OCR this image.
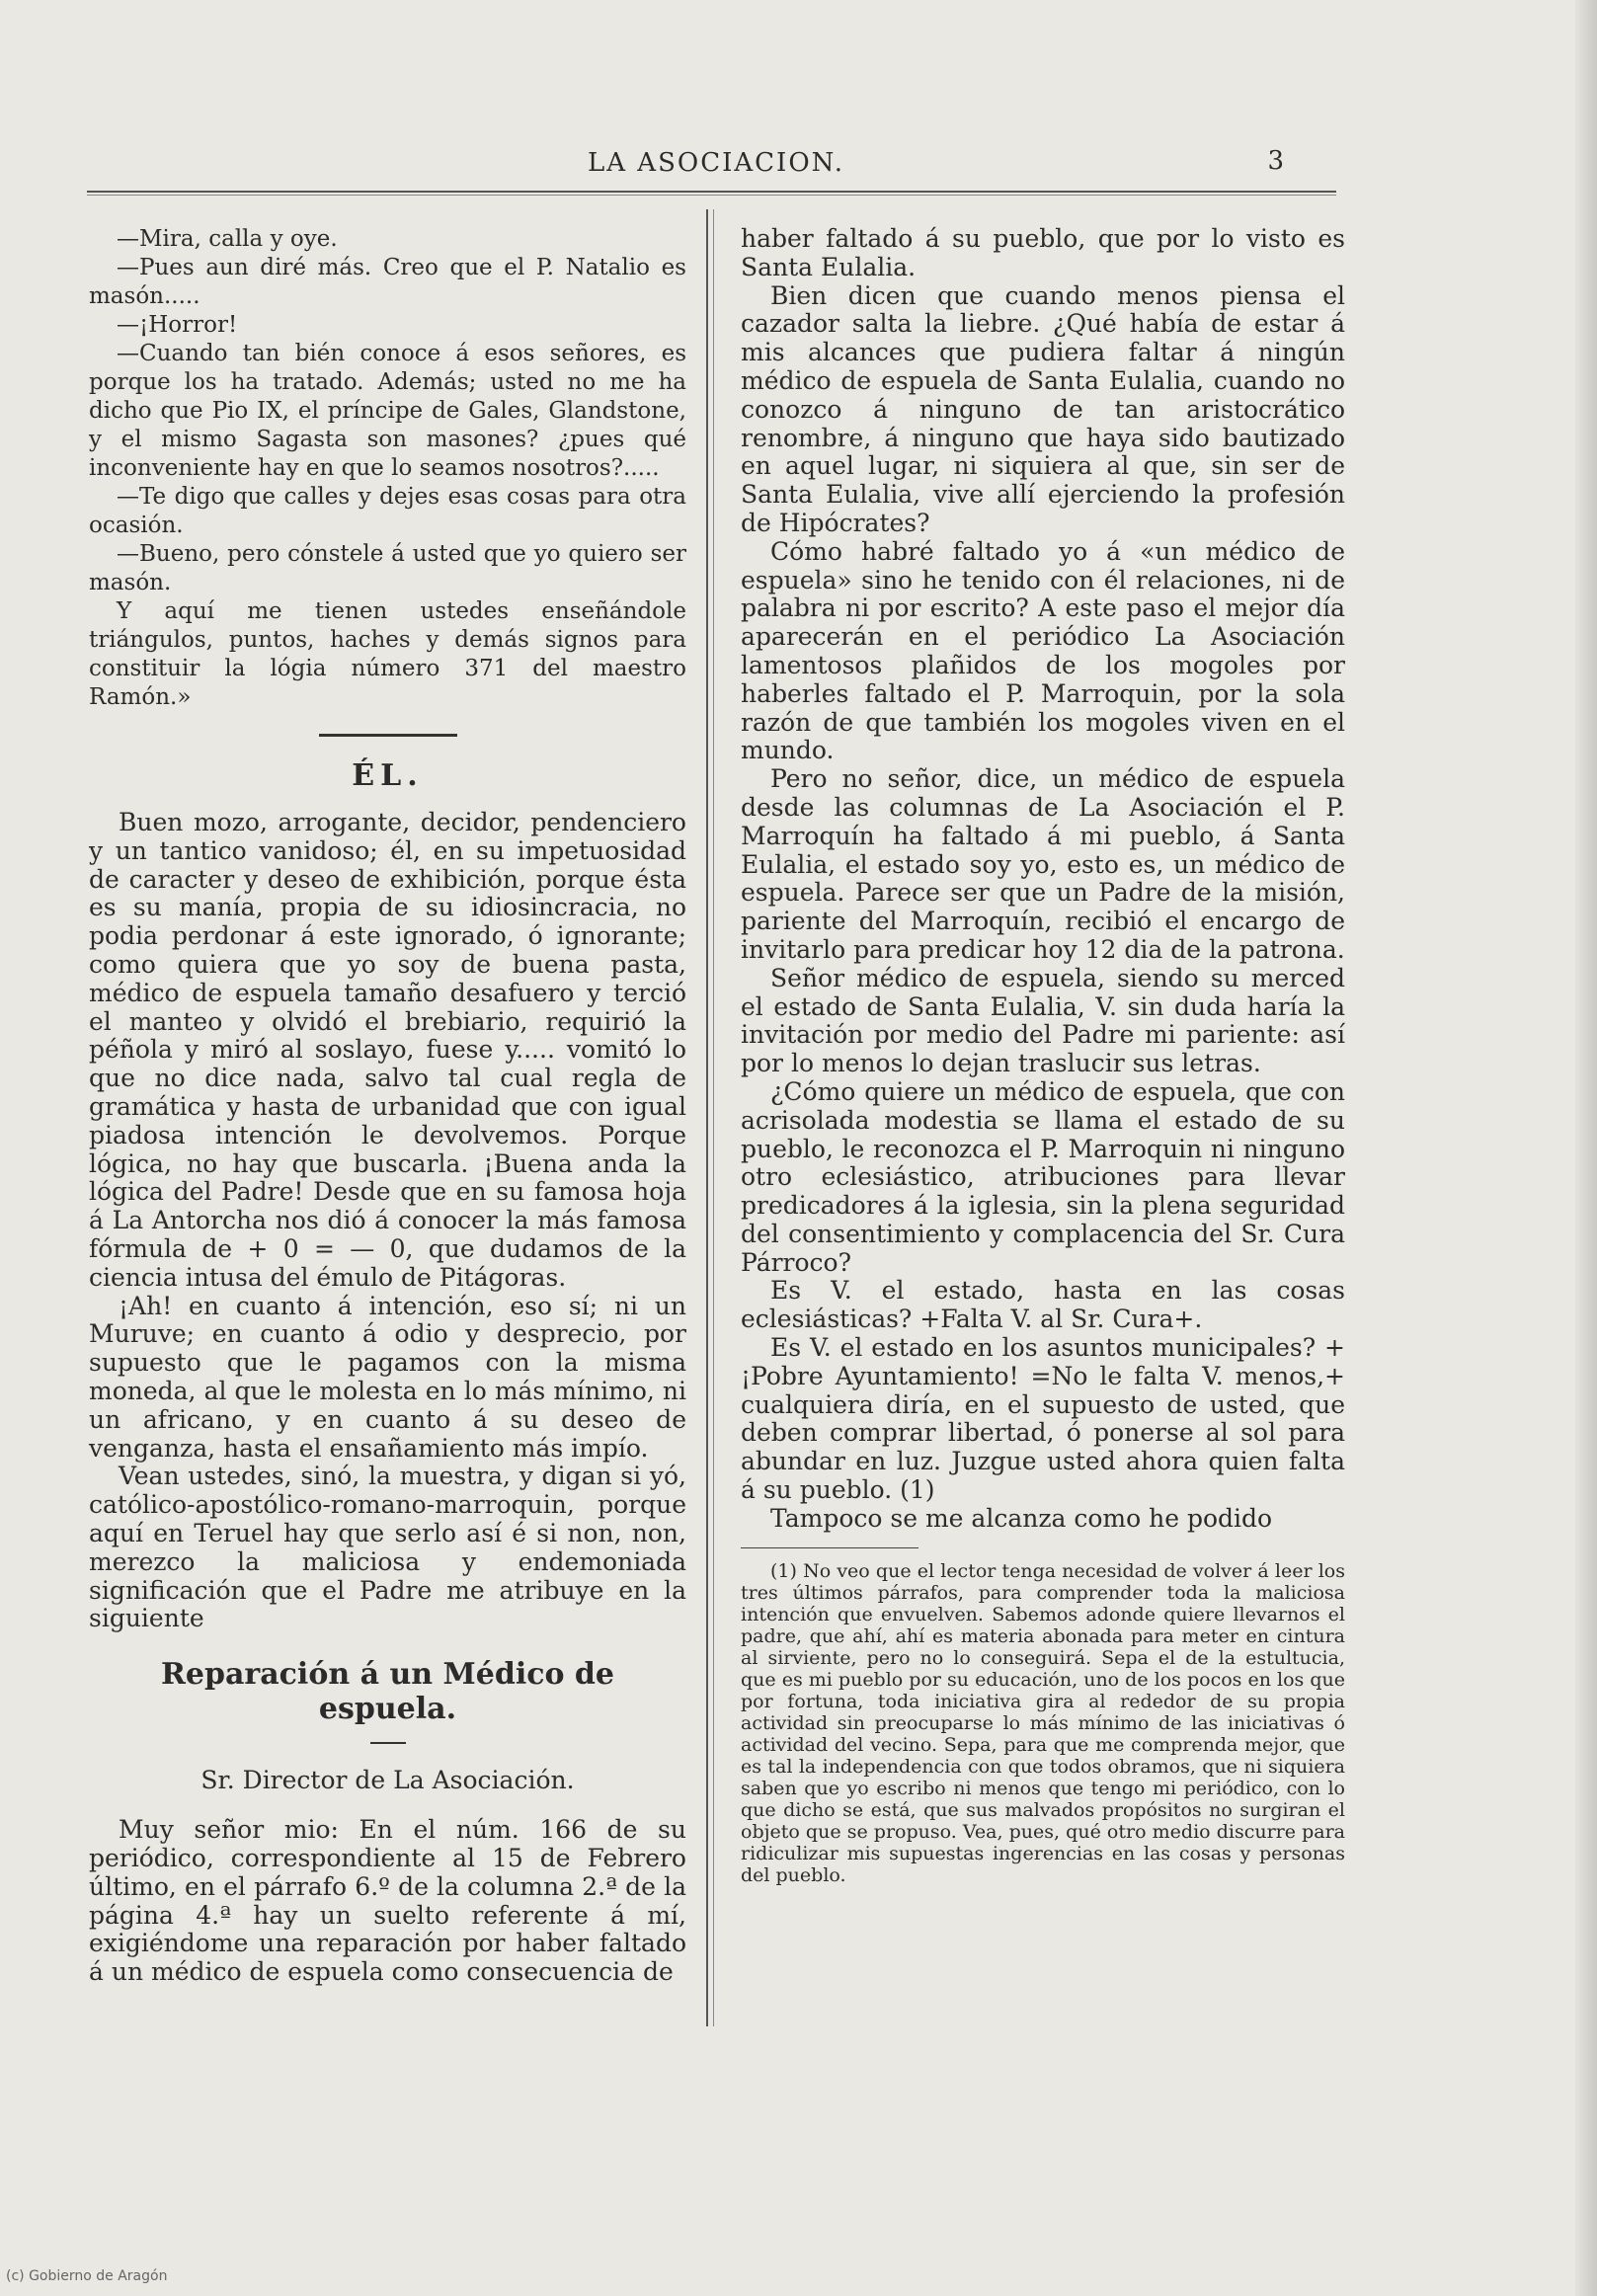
LA ASOCIACION.	3

—Mira, calla y oye.

—Pues aun diré más. Creo que el P. Natalio es masón.....

—¡Horror!

—Cuando tan bién conoce á esos señores, es porque los ha tratado. Además; usted no me ha dicho que Pio IX, el príncipe de Gales, Glandstone, y el mismo Sagasta son masones? ¿pues qué inconveniente hay en que lo seamos nosotros?.....

—Te digo que calles y dejes esas cosas para otra ocasión.

—Bueno, pero cónstele á usted que yo quiero ser masón.

Y aquí me tienen ustedes enseñándole triángulos, puntos, haches y demás signos para constituir la lógia número 371 del maestro Ramón.»

ÉL.

Buen mozo, arrogante, decidor, pendenciero y un tantico vanidoso; él, en su impetuosidad de caracter y deseo de exhibición, porque ésta es su manía, propia de su idiosincracia, no podia perdonar á este ignorado, ó ignorante; como quiera que yo soy de buena pasta, médico de espuela tamaño desafuero y terció el manteo y olvidó el brebiario, requirió la péñola y miró al soslayo, fuese y..... vomitó lo que no dice nada, salvo tal cual regla de gramática y hasta de urbanidad que con igual piadosa intención le devolvemos. Porque lógica, no hay que buscarla. ¡Buena anda la lógica del Padre! Desde que en su famosa hoja á La Antorcha nos dió á conocer la más famosa fórmula de + 0 = — 0, que dudamos de la ciencia intusa del émulo de Pitágoras.

¡Ah! en cuanto á intención, eso sí; ni un Muruve; en cuanto á odio y desprecio, por supuesto que le pagamos con la misma moneda, al que le molesta en lo más mínimo, ni un africano, y en cuanto á su deseo de venganza, hasta el ensañamiento más impío.

Vean ustedes, sinó, la muestra, y digan si yó, católico-apostólico-romano-marroquin, porque aquí en Teruel hay que serlo así é si non, non, merezco la maliciosa y endemoniada significación que el Padre me atribuye en la siguiente

Reparación á un Médico de espuela.
Sr. Director de La Asociación.

Muy señor mio: En el núm. 166 de su periódico, correspondiente al 15 de Febrero último, en el párrafo 6.º de la columna 2.ª de la página 4.ª hay un suelto referente á mí, exigiéndome una reparación por haber faltado á un médico de espuela como consecuencia de

haber faltado á su pueblo, que por lo visto es Santa Eulalia.

Bien dicen que cuando menos piensa el cazador salta la liebre. ¿Qué había de estar á mis alcances que pudiera faltar á ningún médico de espuela de Santa Eulalia, cuando no conozco á ninguno de tan aristocrático renombre, á ninguno que haya sido bautizado en aquel lugar, ni siquiera al que, sin ser de Santa Eulalia, vive allí ejerciendo la profesión de Hipócrates?

Cómo habré faltado yo á «un médico de espuela» sino he tenido con él relaciones, ni de palabra ni por escrito? A este paso el mejor día aparecerán en el periódico La Asociación lamentosos plañidos de los mogoles por haberles faltado el P. Marroquin, por la sola razón de que también los mogoles viven en el mundo.

Pero no señor, dice, un médico de espuela desde las columnas de La Asociación el P. Marroquín ha faltado á mi pueblo, á Santa Eulalia, el estado soy yo, esto es, un médico de espuela. Parece ser que un Padre de la misión, pariente del Marroquín, recibió el encargo de invitarlo para predicar hoy 12 dia de la patrona.

Señor médico de espuela, siendo su merced el estado de Santa Eulalia, V. sin duda haría la invitación por medio del Padre mi pariente: así por lo menos lo dejan traslucir sus letras.

¿Cómo quiere un médico de espuela, que con acrisolada modestia se llama el estado de su pueblo, le reconozca el P. Marroquin ni ninguno otro eclesiástico, atribuciones para llevar predicadores á la iglesia, sin la plena seguridad del consentimiento y complacencia del Sr. Cura Párroco?

Es V. el estado, hasta en las cosas eclesiásticas? +Falta V. al Sr. Cura+.

Es V. el estado en los asuntos municipales? +¡Pobre Ayuntamiento! =No le falta V. menos,+ cualquiera diría, en el supuesto de usted, que deben comprar libertad, ó ponerse al sol para abundar en luz. Juzgue usted ahora quien falta á su pueblo. (1)

Tampoco se me alcanza como he podido

(1) No veo que el lector tenga necesidad de volver á leer los tres últimos párrafos, para comprender toda la maliciosa intención que envuelven. Sabemos adonde quiere llevarnos el padre, que ahí, ahí es materia abonada para meter en cintura al sirviente, pero no lo conseguirá. Sepa el de la estultucia, que es mi pueblo por su educación, uno de los pocos en los que por fortuna, toda iniciativa gira al rededor de su propia actividad sin preocuparse lo más mínimo de las iniciativas ó actividad del vecino. Sepa, para que me comprenda mejor, que es tal la independencia con que todos obramos, que ni siquiera saben que yo escribo ni menos que tengo mi periódico, con lo que dicho se está, que sus malvados propósitos no surgiran el objeto que se propuso. Vea, pues, qué otro medio discurre para ridiculizar mis supuestas ingerencias en las cosas y personas del pueblo.

(c) Gobierno de Aragón
